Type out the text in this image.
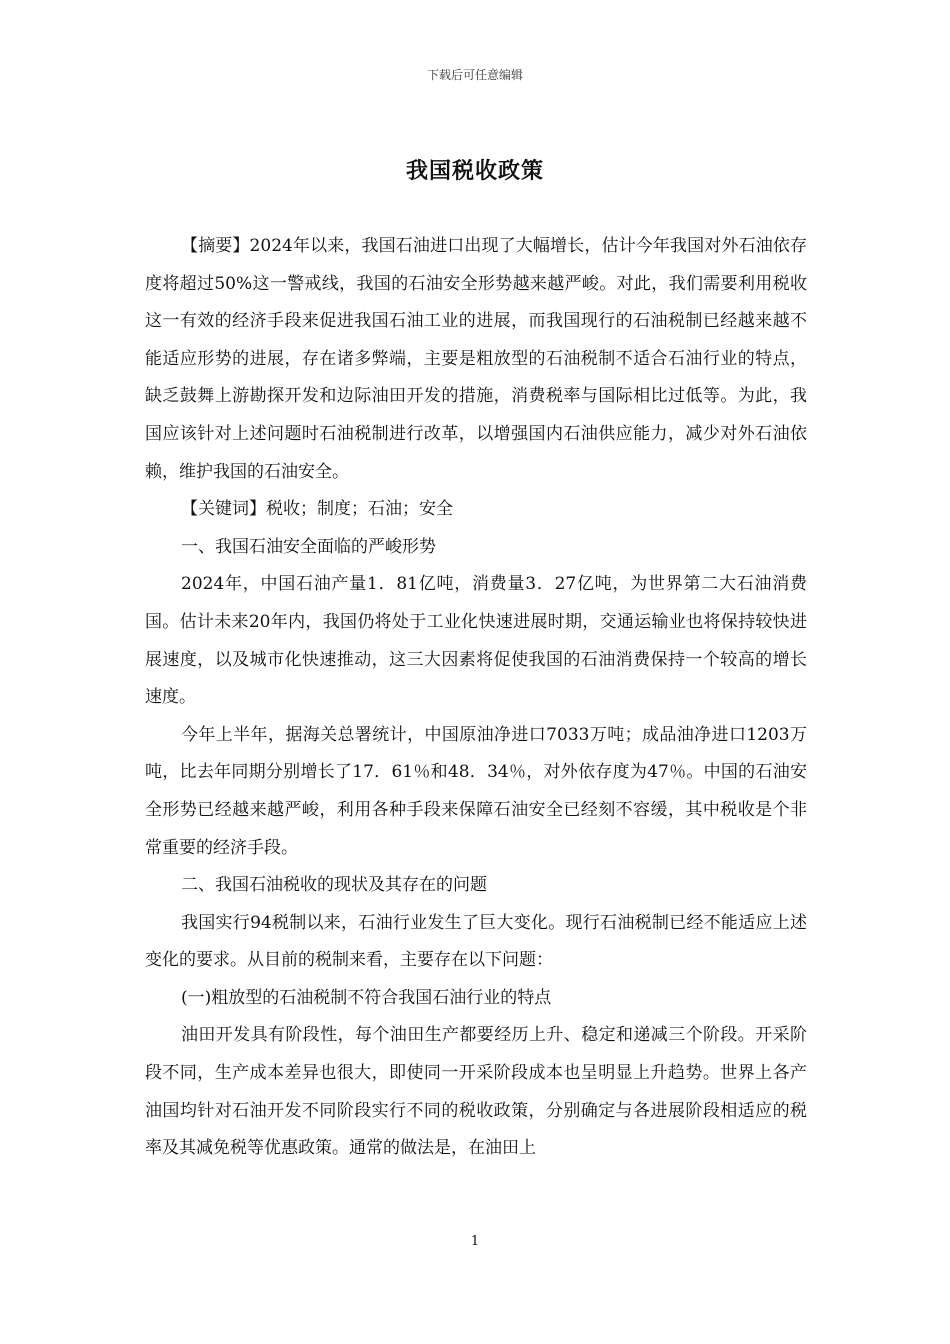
下载后可任意编辑
我国税收政策

【摘要】2024年以来，我国石油进口出现了大幅增长，估计今年我国对外石油依存度将超过50%这一警戒线，我国的石油安全形势越来越严峻。对此，我们需要利用税收这一有效的经济手段来促进我国石油工业的进展，而我国现行的石油税制已经越来越不能适应形势的进展，存在诸多弊端，主要是粗放型的石油税制不适合石油行业的特点，缺乏鼓舞上游勘探开发和边际油田开发的措施，消费税率与国际相比过低等。为此，我国应该针对上述问题时石油税制进行改革，以增强国内石油供应能力，减少对外石油依赖，维护我国的石油安全。

【关键词】税收；制度；石油；安全

一、我国石油安全面临的严峻形势

2024年，中国石油产量1．81亿吨，消费量3．27亿吨，为世界第二大石油消费国。估计未来20年内，我国仍将处于工业化快速进展时期，交通运输业也将保持较快进展速度，以及城市化快速推动，这三大因素将促使我国的石油消费保持一个较高的增长速度。

今年上半年，据海关总署统计，中国原油净进口7033万吨；成品油净进口1203万吨，比去年同期分别增长了17．61％和48．34％，对外依存度为47％。中国的石油安全形势已经越来越严峻，利用各种手段来保障石油安全已经刻不容缓，其中税收是个非常重要的经济手段。

二、我国石油税收的现状及其存在的问题

我国实行94税制以来，石油行业发生了巨大变化。现行石油税制已经不能适应上述变化的要求。从目前的税制来看，主要存在以下问题：

(一)粗放型的石油税制不符合我国石油行业的特点

油田开发具有阶段性，每个油田生产都要经历上升、稳定和递减三个阶段。开采阶段不同，生产成本差异也很大，即使同一开采阶段成本也呈明显上升趋势。世界上各产油国均针对石油开发不同阶段实行不同的税收政策，分别确定与各进展阶段相适应的税率及其减免税等优惠政策。通常的做法是，在油田上

1
